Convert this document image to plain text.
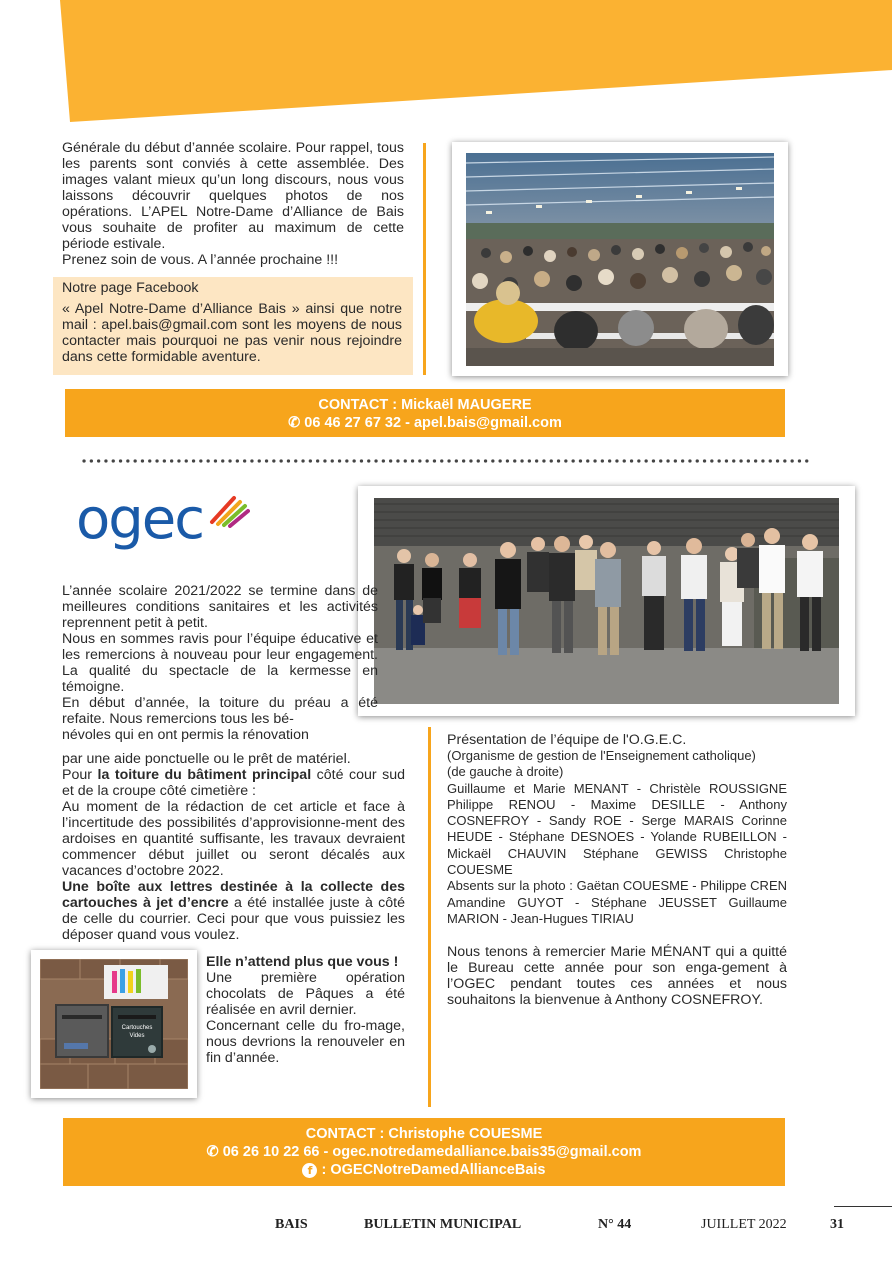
Générale du début d’année scolaire. Pour rappel, tous les parents sont conviés à cette assemblée. Des images valant mieux qu’un long discours, nous vous laissons découvrir quelques photos de nos opérations. L’APEL Notre-Dame d’Alliance de Bais vous souhaite de profiter au maximum de cette période estivale.

Prenez soin de vous. A l’année prochaine !!!

Notre page Facebook

« Apel Notre-Dame d’Alliance Bais » ainsi que notre mail : apel.bais@gmail.com sont les moyens de nous contacter mais pourquoi ne pas venir nous rejoindre dans cette formidable aventure.

CONTACT : Mickaël MAUGERE
✆ 06 46 27 67 32 - apel.bais@gmail.com
ogec

L’année scolaire 2021/2022 se termine dans de meilleures conditions sanitaires et les activités reprennent petit à petit.

Nous en sommes ravis pour l’équipe éducative et les remercions à nouveau pour leur engagement. La qualité du spectacle de la kermesse en témoigne.

En début d’année, la toiture du préau a été refaite. Nous remercions tous les bé-

névoles qui en ont permis la rénovation

par une aide ponctuelle ou le prêt de matériel.

Pour la toiture du bâtiment principal côté cour sud et de la croupe côté cimetière :

Au moment de la rédaction de cet article et face à l’incertitude des possibilités d’approvisionne-ment des ardoises en quantité suffisante, les travaux devraient commencer début juillet ou seront décalés aux vacances d’octobre 2022.

Une boîte aux lettres destinée à la collecte des cartouches à jet d’encre a été installée juste à côté de celle du courrier. Ceci pour que vous puissiez les déposer quand vous voulez.

Cartouches
Vides

Elle n’attend plus que vous !

Une première opération chocolats de Pâques a été réalisée en avril dernier.

Concernant celle du fro-mage, nous devrions la renouveler en fin d’année.

Présentation de l’équipe de l'O.G.E.C.

(Organisme de gestion de l'Enseignement catholique)

(de gauche à droite)

Guillaume et Marie MENANT - Christèle ROUSSIGNE Philippe RENOU - Maxime DESILLE - Anthony COSNEFROY - Sandy ROE - Serge MARAIS Corinne HEUDE - Stéphane DESNOES - Yolande RUBEILLON - Mickaël CHAUVIN Stéphane GEWISS Christophe COUESME

Absents sur la photo : Gaëtan COUESME - Philippe CREN Amandine GUYOT - Stéphane JEUSSET Guillaume MARION - Jean-Hugues TIRIAU

Nous tenons à remercier Marie MÉNANT qui a quitté le Bureau cette année pour son enga-gement à l’OGEC pendant toutes ces années et nous souhaitons la bienvenue à Anthony COSNEFROY.

CONTACT : Christophe COUESME
✆ 06 26 10 22 66 - ogec.notredamedalliance.bais35@gmail.com
f : OGECNotreDamedAllianceBais
BAIS	BULLETIN MUNICIPAL	N° 44	JUILLET 2022	31
